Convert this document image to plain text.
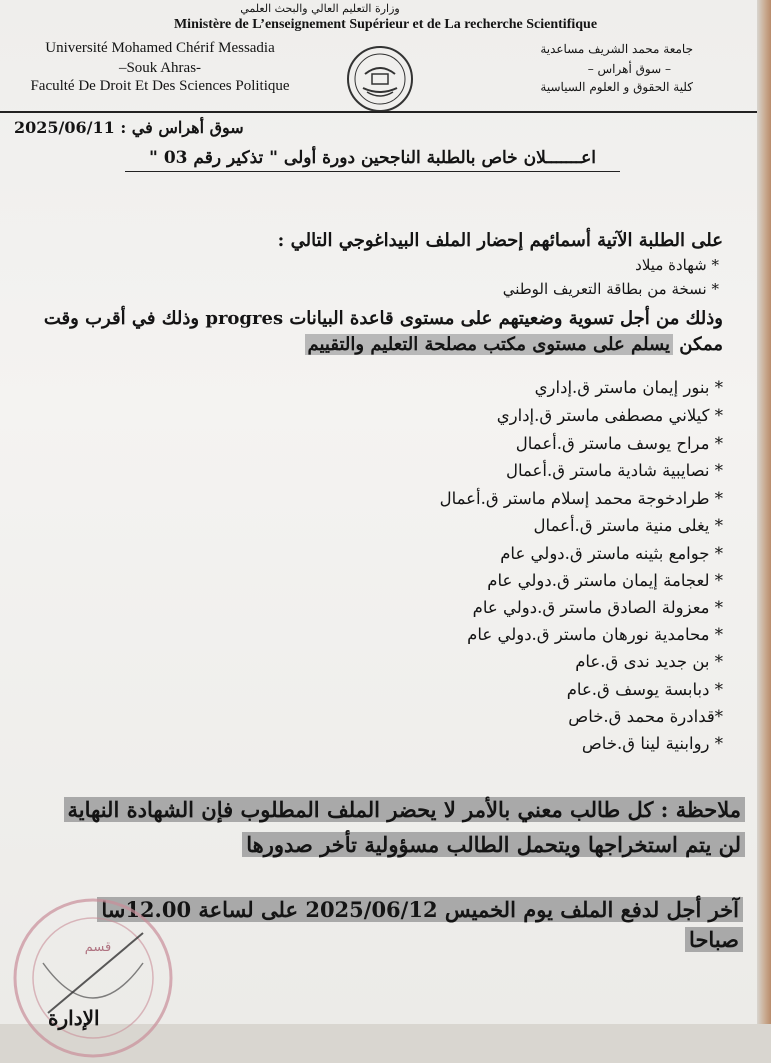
وزارة التعليم العالي والبحث العلمي
Ministère de L’enseignement Supérieur et de La recherche Scientifique
Université Mohamed Chérif Messadia
–Souk Ahras-
Faculté De Droit Et Des Sciences Politique
جامعة محمد الشريف مساعدية
– سوق أهراس –
كلية الحقوق و العلوم السياسية
سوق أهراس في : 2025/06/11
اعـــــــلان خاص بالطلبة الناجحين دورة أولى " تذكير رقم 03 "
على الطلبة الآتية أسمائهم إحضار الملف البيداغوجي التالي :
* شهادة ميلاد
* نسخة من بطاقة التعريف الوطني
وذلك من أجل تسوية وضعيتهم على مستوى قاعدة البيانات progres وذلك في أقرب وقت
ممكن يسلم على مستوى مكتب مصلحة التعليم والتقييم
* بنور إيمان ماستر ق.إداري
* كيلاني مصطفى ماستر ق.إداري
* مراح يوسف ماستر ق.أعمال
* نصايبية شادية ماستر ق.أعمال
* طرادخوجة محمد إسلام ماستر ق.أعمال
* يغلى منية ماستر ق.أعمال
* جوامع بثينه ماستر ق.دولي عام
* لعجامة إيمان ماستر ق.دولي عام
* معزولة الصادق ماستر ق.دولي عام
* محامدية نورهان ماستر ق.دولي عام
* بن جديد ندى ق.عام
* دبابسة يوسف ق.عام
*قدادرة محمد ق.خاص
* روابنية لينا ق.خاص
ملاحظة : كل طالب معني بالأمر لا يحضر الملف المطلوب فإن الشهادة النهاية
لن يتم استخراجها ويتحمل الطالب مسؤولية تأخر صدورها
آخر أجل لدفع الملف يوم الخميس 2025/06/12 على لساعة 12.00سا
صباحا
قسم
الإدارة
